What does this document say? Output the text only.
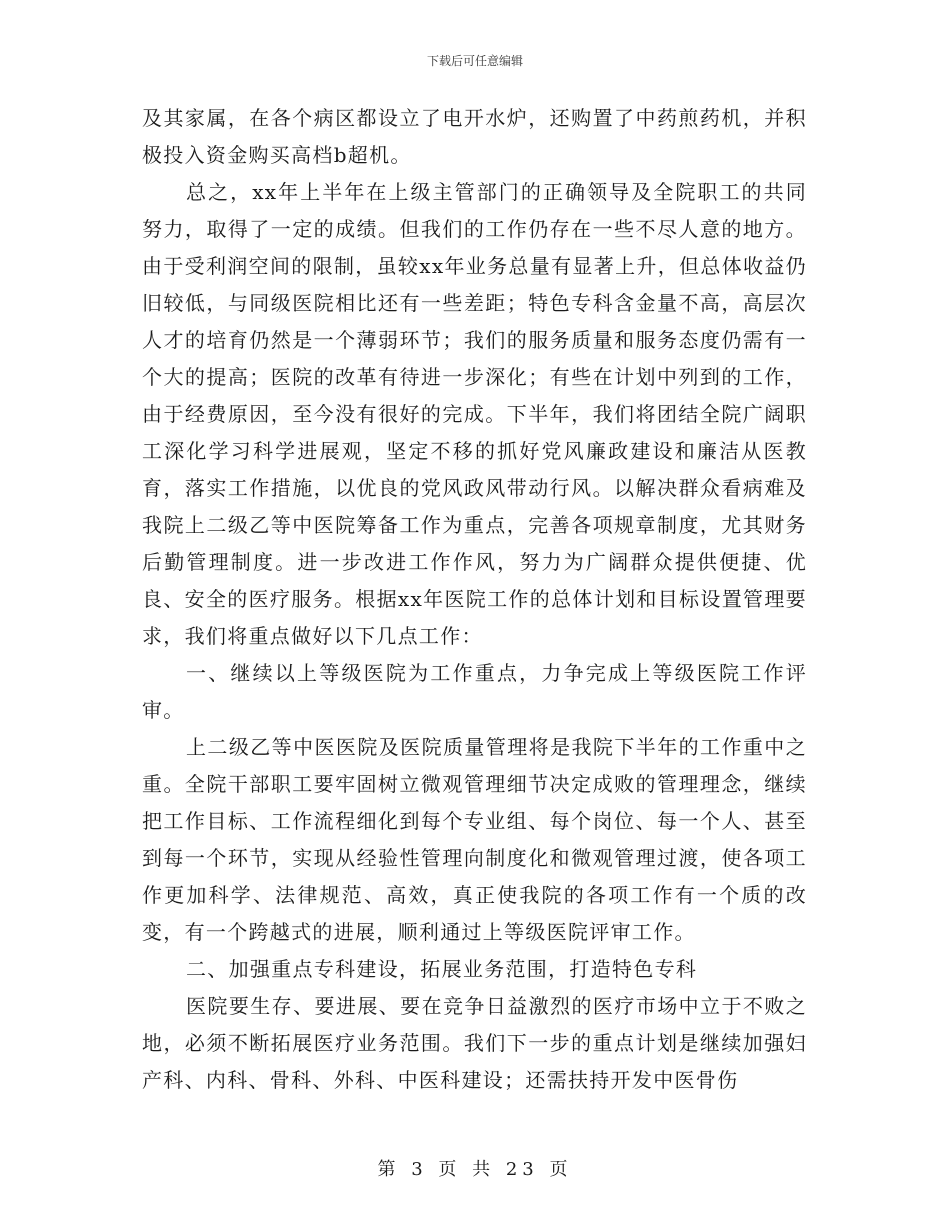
下载后可任意编辑

及其家属，在各个病区都设立了电开水炉，还购置了中药煎药机，并积极投入资金购买高档b超机。

总之，xx年上半年在上级主管部门的正确领导及全院职工的共同努力，取得了一定的成绩。但我们的工作仍存在一些不尽人意的地方。由于受利润空间的限制，虽较xx年业务总量有显著上升，但总体收益仍旧较低，与同级医院相比还有一些差距；特色专科含金量不高，高层次人才的培育仍然是一个薄弱环节；我们的服务质量和服务态度仍需有一个大的提高；医院的改革有待进一步深化；有些在计划中列到的工作，由于经费原因，至今没有很好的完成。下半年，我们将团结全院广阔职工深化学习科学进展观，坚定不移的抓好党风廉政建设和廉洁从医教育，落实工作措施，以优良的党风政风带动行风。以解决群众看病难及我院上二级乙等中医院筹备工作为重点，完善各项规章制度，尤其财务后勤管理制度。进一步改进工作作风，努力为广阔群众提供便捷、优良、安全的医疗服务。根据xx年医院工作的总体计划和目标设置管理要求，我们将重点做好以下几点工作：

一、继续以上等级医院为工作重点，力争完成上等级医院工作评审。

上二级乙等中医医院及医院质量管理将是我院下半年的工作重中之重。全院干部职工要牢固树立微观管理细节决定成败的管理理念，继续把工作目标、工作流程细化到每个专业组、每个岗位、每一个人、甚至到每一个环节，实现从经验性管理向制度化和微观管理过渡，使各项工作更加科学、法律规范、高效，真正使我院的各项工作有一个质的改变，有一个跨越式的进展，顺利通过上等级医院评审工作。

二、加强重点专科建设，拓展业务范围，打造特色专科

医院要生存、要进展、要在竞争日益激烈的医疗市场中立于不败之地，必须不断拓展医疗业务范围。我们下一步的重点计划是继续加强妇产科、内科、骨科、外科、中医科建设；还需扶持开发中医骨伤

第 3 页 共 23 页
